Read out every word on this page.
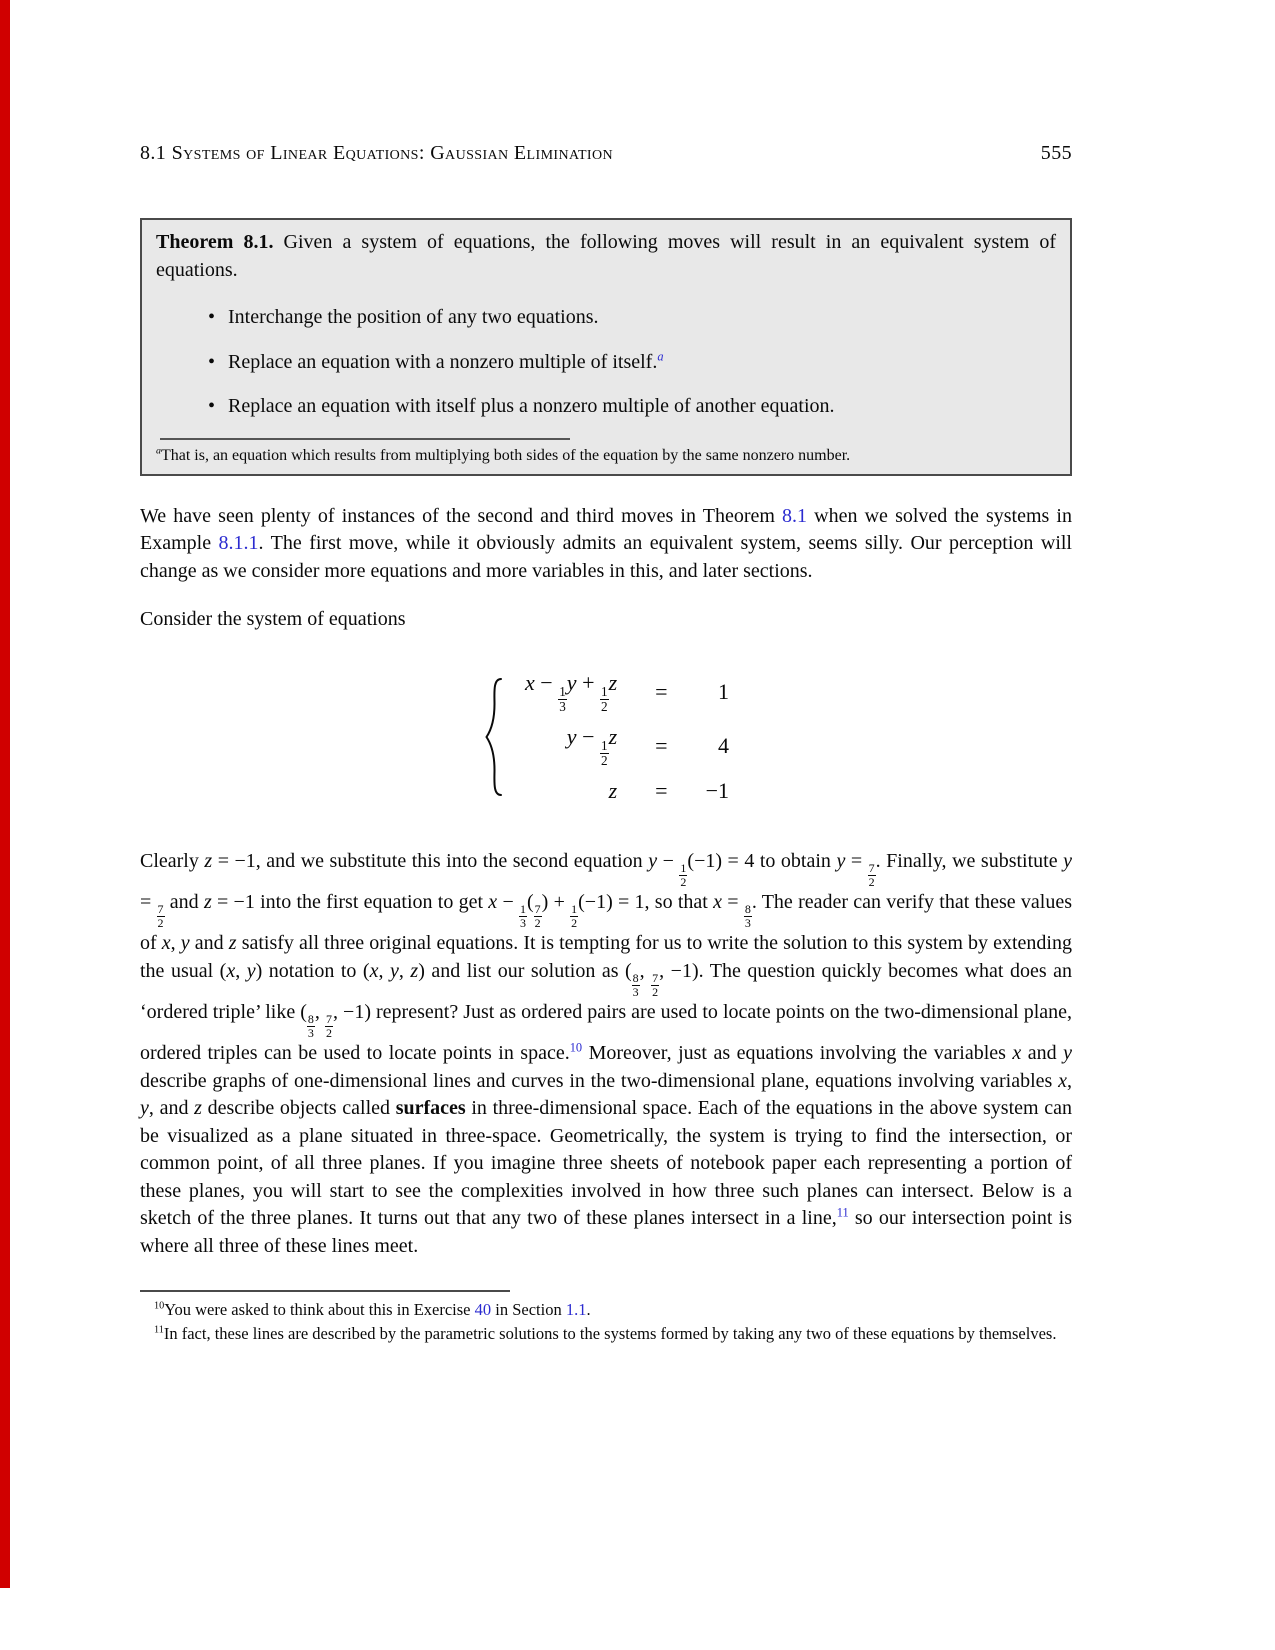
8.1 Systems of Linear Equations: Gaussian Elimination	555
Theorem 8.1. Given a system of equations, the following moves will result in an equivalent system of equations.
• Interchange the position of any two equations.
• Replace an equation with a nonzero multiple of itself.$^a$
• Replace an equation with itself plus a nonzero multiple of another equation.
$^a$That is, an equation which results from multiplying both sides of the equation by the same nonzero number.

We have seen plenty of instances of the second and third moves in Theorem 8.1 when we solved the systems in Example 8.1.1. The first move, while it obviously admits an equivalent system, seems silly. Our perception will change as we consider more equations and more variables in this, and later sections.

Consider the system of equations

x −
$\frac{1}{3}$
y +
$\frac{1}{2}$
z = 1
y −
$\frac{1}{2}$
z = 4
z = −1

Clearly z = −1, and we substitute this into the second equation y −
$\frac{1}{2}$
(−1) = 4 to obtain y =
$\frac{7}{2}$
. Finally, we substitute y =
$\frac{7}{2}$
and z = −1 into the first equation to get x −
$\frac{1}{3}$
(
$\frac{7}{2}$
) +
$\frac{1}{2}$
(−1) = 1, so that x =
$\frac{8}{3}$
. The reader can verify that these values of x, y and z satisfy all three original equations. It is tempting for us to write the solution to this system by extending the usual (x, y) notation to (x, y, z) and list our solution as (
$\frac{8}{3}$
,
$\frac{7}{2}$
, −1). The question quickly becomes what does an ‘ordered triple’ like (
$\frac{8}{3}$
,
$\frac{7}{2}$
, −1) represent? Just as ordered pairs are used to locate points on the two-dimensional plane, ordered triples can be used to locate points in space.$^{10}$ Moreover, just as equations involving the variables x and y describe graphs of one-dimensional lines and curves in the two-dimensional plane, equations involving variables x, y, and z describe objects called surfaces in three-dimensional space. Each of the equations in the above system can be visualized as a plane situated in three-space. Geometrically, the system is trying to find the intersection, or common point, of all three planes. If you imagine three sheets of notebook paper each representing a portion of these planes, you will start to see the complexities involved in how three such planes can intersect. Below is a sketch of the three planes. It turns out that any two of these planes intersect in a line,$^{11}$ so our intersection point is where all three of these lines meet.

$^{10}$You were asked to think about this in Exercise 40 in Section 1.1.

$^{11}$In fact, these lines are described by the parametric solutions to the systems formed by taking any two of these equations by themselves.
